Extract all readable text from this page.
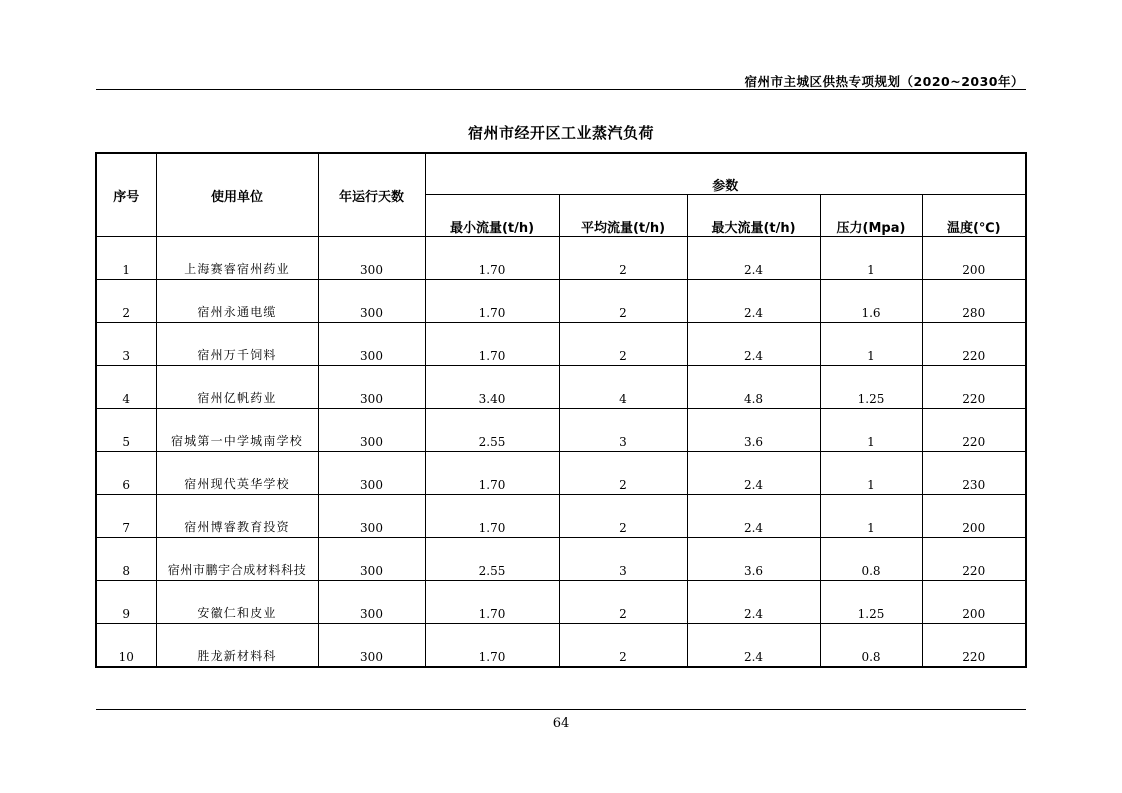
宿州市主城区供热专项规划（2020~2030年）
宿州市经开区工业蒸汽负荷
序号	使用单位	年运行天数	参数				
			最小流量(t/h)	平均流量(t/h)	最大流量(t/h)	压力(Mpa)	温度(℃)
1	上海赛睿宿州药业	300	1.70	2	2.4	1	200
2	宿州永通电缆	300	1.70	2	2.4	1.6	280
3	宿州万千饲料	300	1.70	2	2.4	1	220
4	宿州亿帆药业	300	3.40	4	4.8	1.25	220
5	宿城第一中学城南学校	300	2.55	3	3.6	1	220
6	宿州现代英华学校	300	1.70	2	2.4	1	230
7	宿州博睿教育投资	300	1.70	2	2.4	1	200
8	宿州市鹏宇合成材料科技	300	2.55	3	3.6	0.8	220
9	安徽仁和皮业	300	1.70	2	2.4	1.25	200
10	胜龙新材料科	300	1.70	2	2.4	0.8	220
64
